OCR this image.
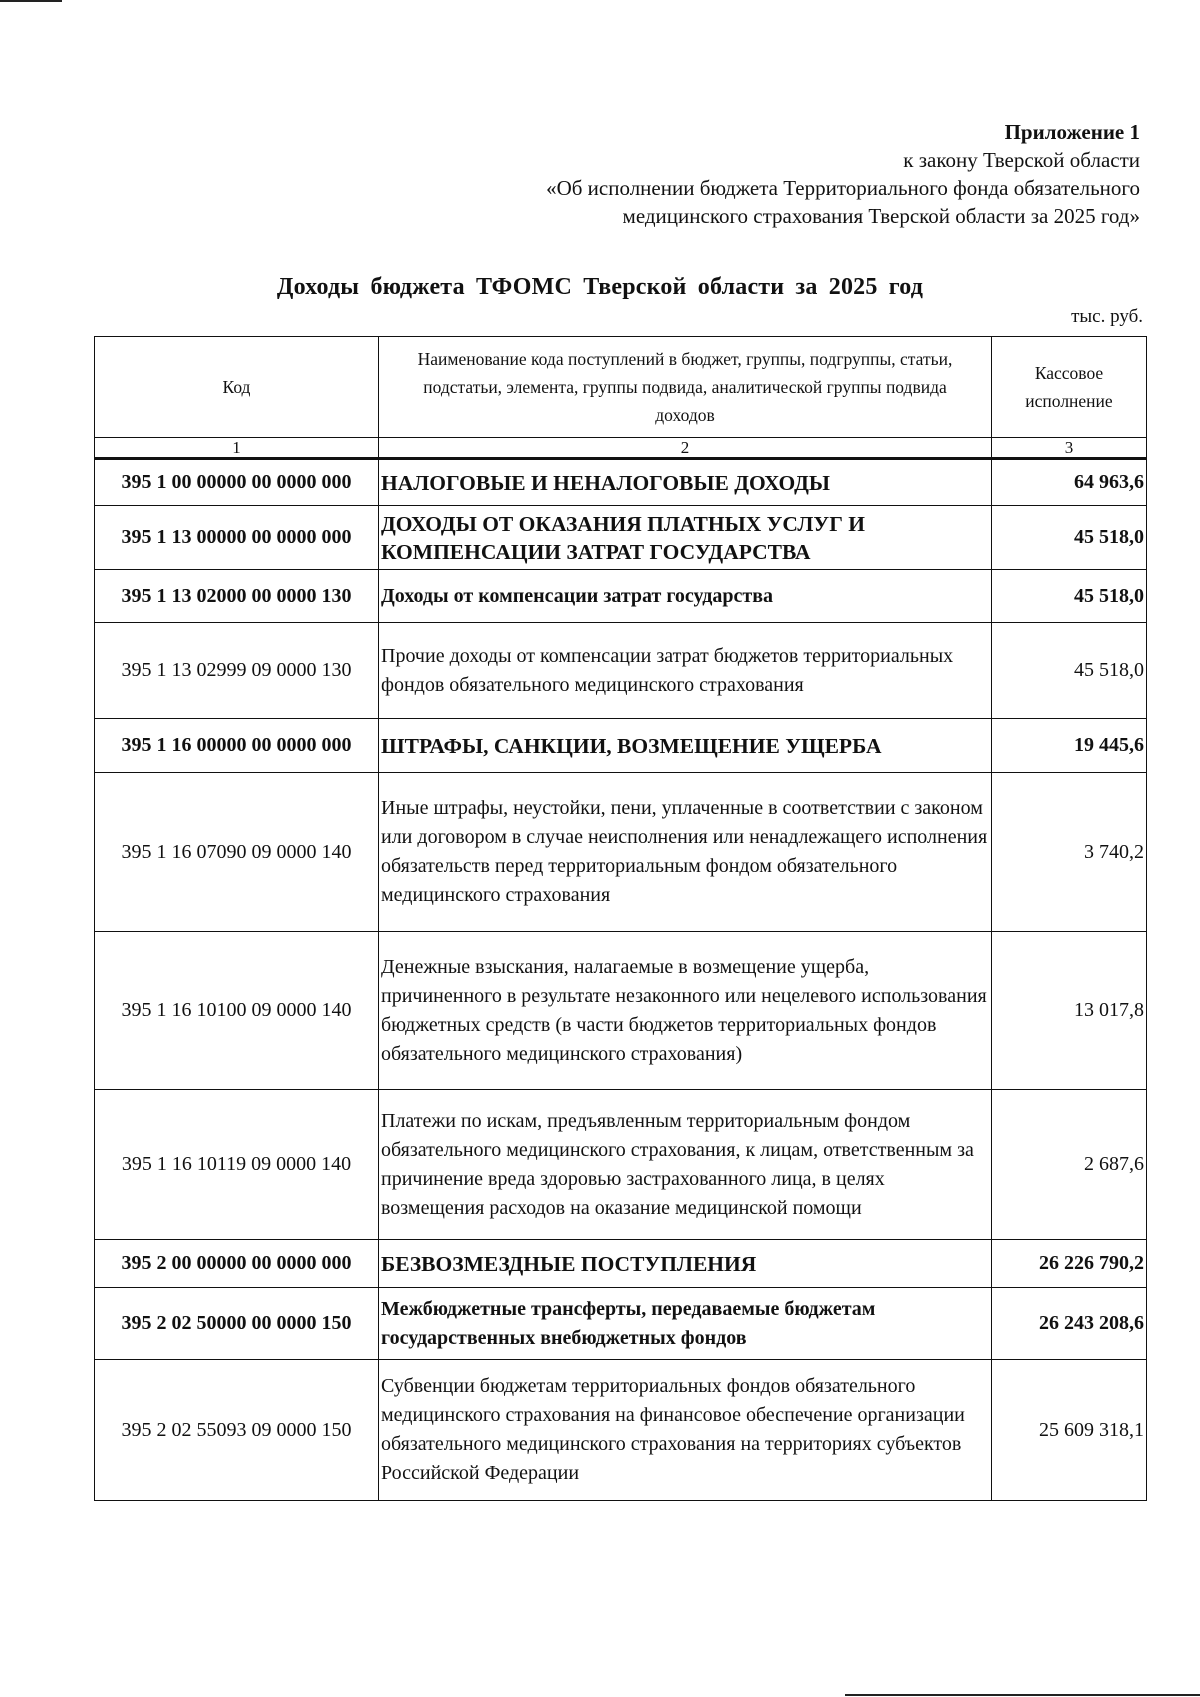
Приложение 1
к закону Тверской области
«Об исполнении бюджета Территориального фонда обязательного
медицинского страхования Тверской области за 2025 год»
Доходы бюджета ТФОМС Тверской области за 2025 год
тыс. руб.
Код	Наименование кода поступлений в бюджет, группы, подгруппы, статьи, подстатьи, элемента, группы подвида, аналитической группы подвида доходов	Кассовое исполнение
1	2	3
395 1 00 00000 00 0000 000	НАЛОГОВЫЕ И НЕНАЛОГОВЫЕ ДОХОДЫ	64 963,6
395 1 13 00000 00 0000 000	ДОХОДЫ ОТ ОКАЗАНИЯ ПЛАТНЫХ УСЛУГ И КОМПЕНСАЦИИ ЗАТРАТ ГОСУДАРСТВА	45 518,0
395 1 13 02000 00 0000 130	Доходы от компенсации затрат государства	45 518,0
395 1 13 02999 09 0000 130	Прочие доходы от компенсации затрат бюджетов территориальных фондов обязательного медицинского страхования	45 518,0
395 1 16 00000 00 0000 000	ШТРАФЫ, САНКЦИИ, ВОЗМЕЩЕНИЕ УЩЕРБА	19 445,6
395 1 16 07090 09 0000 140	Иные штрафы, неустойки, пени, уплаченные в соответствии с законом или договором в случае неисполнения или ненадлежащего исполнения обязательств перед территориальным фондом обязательного медицинского страхования	3 740,2
395 1 16 10100 09 0000 140	Денежные взыскания, налагаемые в возмещение ущерба, причиненного в результате незаконного или нецелевого использования бюджетных средств (в части бюджетов территориальных фондов обязательного медицинского страхования)	13 017,8
395 1 16 10119 09 0000 140	Платежи по искам, предъявленным территориальным фондом обязательного медицинского страхования, к лицам, ответственным за причинение вреда здоровью застрахованного лица, в целях возмещения расходов на оказание медицинской помощи	2 687,6
395 2 00 00000 00 0000 000	БЕЗВОЗМЕЗДНЫЕ ПОСТУПЛЕНИЯ	26 226 790,2
395 2 02 50000 00 0000 150	Межбюджетные трансферты, передаваемые бюджетам государственных внебюджетных фондов	26 243 208,6
395 2 02 55093 09 0000 150	Субвенции бюджетам территориальных фондов обязательного медицинского страхования на финансовое обеспечение организации обязательного медицинского страхования на территориях субъектов Российской Федерации	25 609 318,1
